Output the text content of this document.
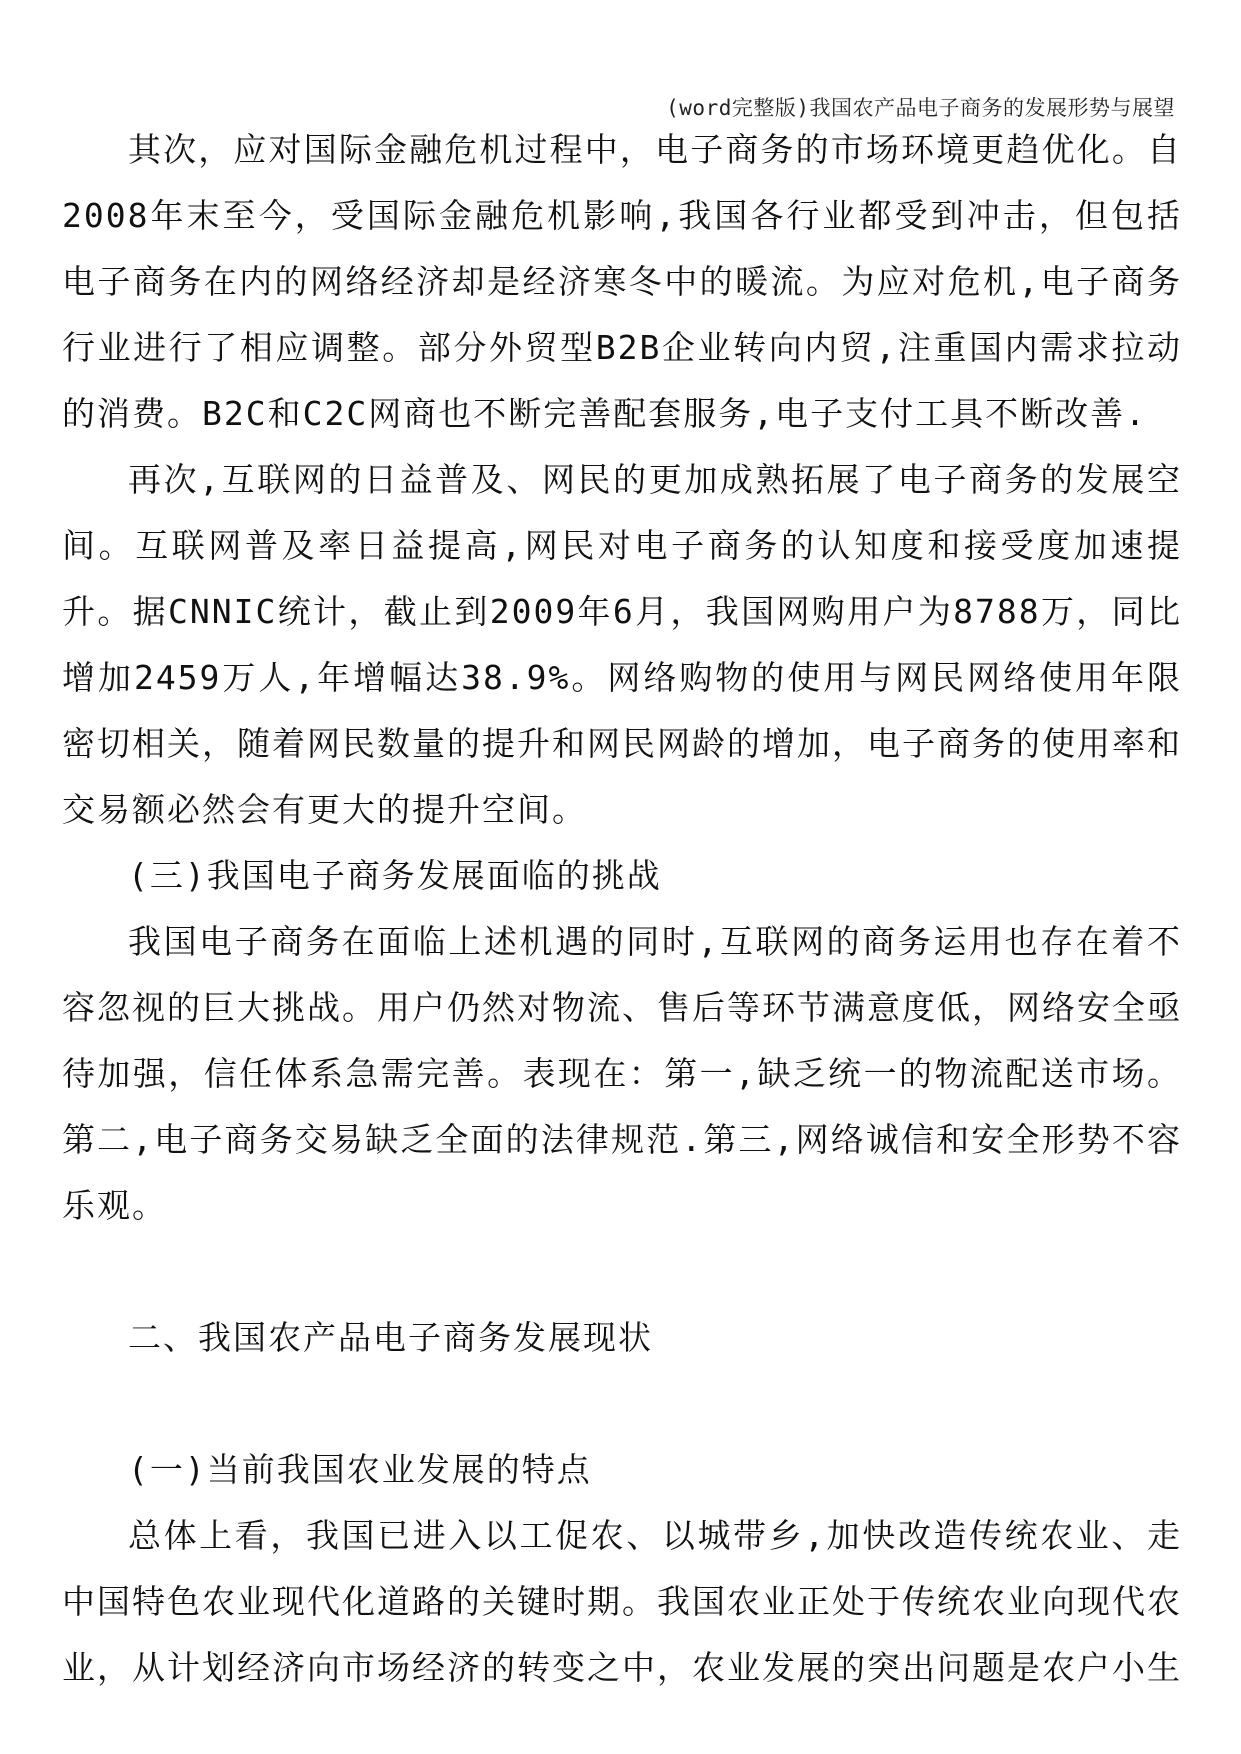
(word完整版)我国农产品电子商务的发展形势与展望

其次，应对国际金融危机过程中，电子商务的市场环境更趋优化。自2008年末至今，受国际金融危机影响,我国各行业都受到冲击，但包括电子商务在内的网络经济却是经济寒冬中的暖流。为应对危机,电子商务行业进行了相应调整。部分外贸型B2B企业转向内贸,注重国内需求拉动的消费。B2C和C2C网商也不断完善配套服务,电子支付工具不断改善.

再次,互联网的日益普及、网民的更加成熟拓展了电子商务的发展空间。互联网普及率日益提高,网民对电子商务的认知度和接受度加速提升。据CNNIC统计，截止到2009年6月，我国网购用户为8788万，同比增加2459万人,年增幅达38.9%。网络购物的使用与网民网络使用年限密切相关，随着网民数量的提升和网民网龄的增加，电子商务的使用率和交易额必然会有更大的提升空间。

(三)我国电子商务发展面临的挑战

我国电子商务在面临上述机遇的同时,互联网的商务运用也存在着不容忽视的巨大挑战。用户仍然对物流、售后等环节满意度低，网络安全亟待加强，信任体系急需完善。表现在：第一,缺乏统一的物流配送市场。第二,电子商务交易缺乏全面的法律规范.第三,网络诚信和安全形势不容乐观。

二、我国农产品电子商务发展现状

(一)当前我国农业发展的特点

总体上看，我国已进入以工促农、以城带乡,加快改造传统农业、走中国特色农业现代化道路的关键时期。我国农业正处于传统农业向现代农业，从计划经济向市场经济的转变之中，农业发展的突出问题是农户小生
